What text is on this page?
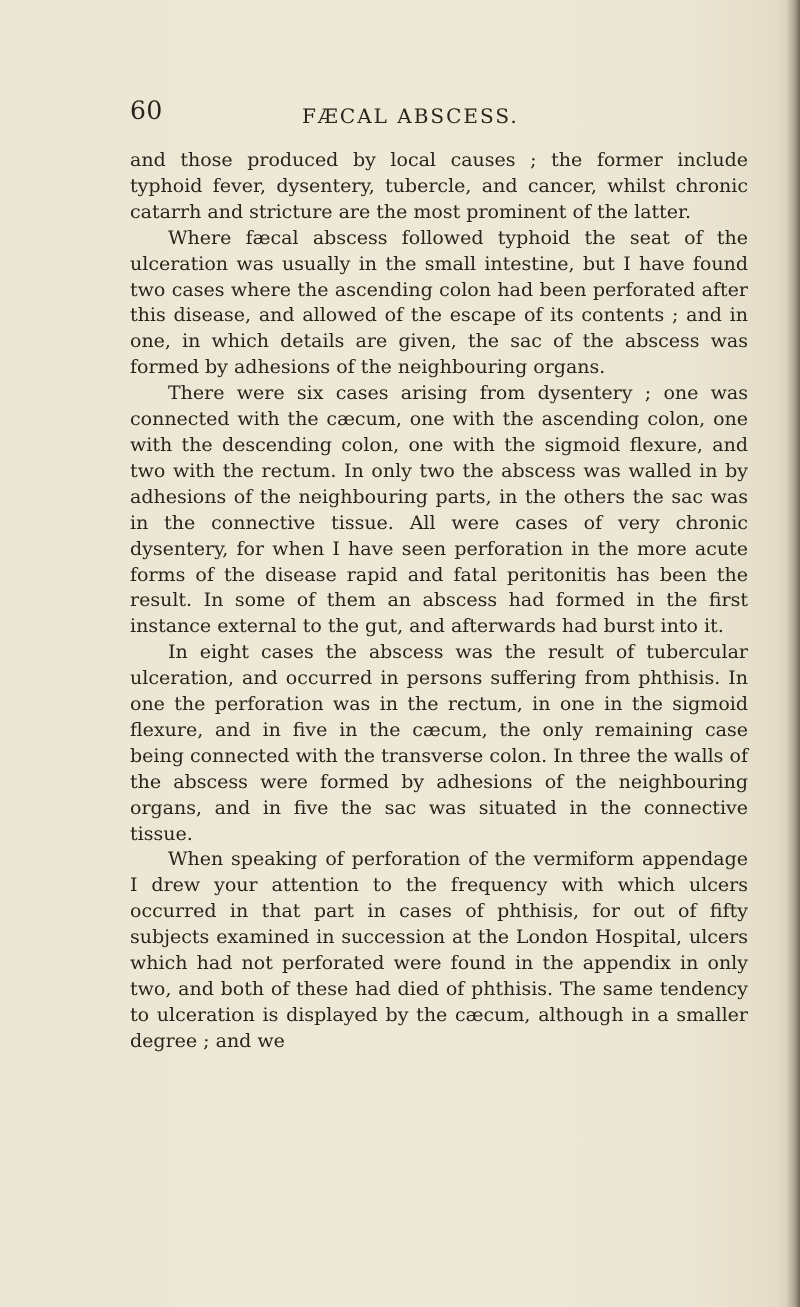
60	FÆCAL ABSCESS.

and those produced by local causes ; the former include typhoid fever, dysentery, tubercle, and cancer, whilst chronic catarrh and stricture are the most prominent of the latter.

Where fæcal abscess followed typhoid the seat of the ulceration was usually in the small intestine, but I have found two cases where the ascending colon had been perforated after this disease, and allowed of the escape of its contents ; and in one, in which details are given, the sac of the abscess was formed by adhesions of the neighbouring organs.

There were six cases arising from dysentery ; one was connected with the cæcum, one with the ascending colon, one with the descending colon, one with the sigmoid flexure, and two with the rectum. In only two the abscess was walled in by adhesions of the neighbouring parts, in the others the sac was in the connective tissue. All were cases of very chronic dysentery, for when I have seen perforation in the more acute forms of the disease rapid and fatal peritonitis has been the result. In some of them an abscess had formed in the first instance external to the gut, and afterwards had burst into it.

In eight cases the abscess was the result of tubercular ulceration, and occurred in persons suffering from phthisis. In one the perforation was in the rectum, in one in the sigmoid flexure, and in five in the cæcum, the only remaining case being connected with the transverse colon. In three the walls of the abscess were formed by adhesions of the neighbouring organs, and in five the sac was situated in the connective tissue.

When speaking of perforation of the vermiform appendage I drew your attention to the frequency with which ulcers occurred in that part in cases of phthisis, for out of fifty subjects examined in succession at the London Hospital, ulcers which had not perforated were found in the appendix in only two, and both of these had died of phthisis. The same tendency to ulceration is displayed by the cæcum, although in a smaller degree ; and we
